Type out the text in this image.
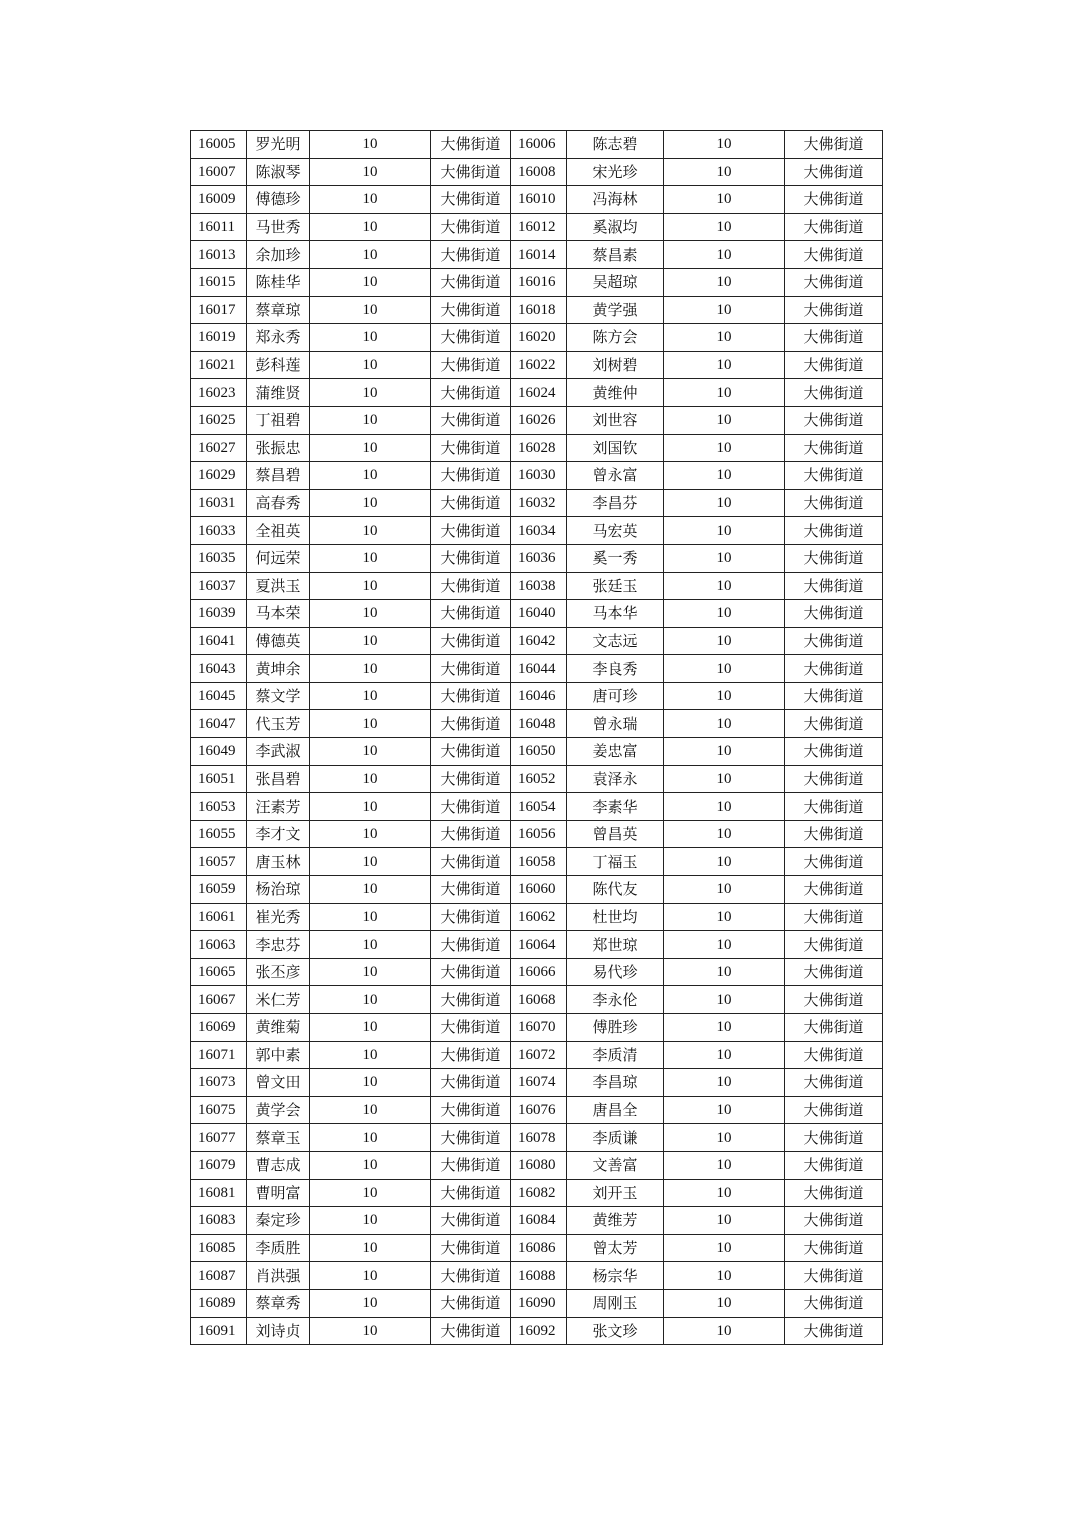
16005	罗光明	10	大佛街道	16006	陈志碧	10	大佛街道
16007	陈淑琴	10	大佛街道	16008	宋光珍	10	大佛街道
16009	傅德珍	10	大佛街道	16010	冯海林	10	大佛街道
16011	马世秀	10	大佛街道	16012	奚淑均	10	大佛街道
16013	余加珍	10	大佛街道	16014	蔡昌素	10	大佛街道
16015	陈桂华	10	大佛街道	16016	吴超琼	10	大佛街道
16017	蔡章琼	10	大佛街道	16018	黄学强	10	大佛街道
16019	郑永秀	10	大佛街道	16020	陈方会	10	大佛街道
16021	彭科莲	10	大佛街道	16022	刘树碧	10	大佛街道
16023	蒲维贤	10	大佛街道	16024	黄维仲	10	大佛街道
16025	丁祖碧	10	大佛街道	16026	刘世容	10	大佛街道
16027	张振忠	10	大佛街道	16028	刘国钦	10	大佛街道
16029	蔡昌碧	10	大佛街道	16030	曾永富	10	大佛街道
16031	高春秀	10	大佛街道	16032	李昌芬	10	大佛街道
16033	全祖英	10	大佛街道	16034	马宏英	10	大佛街道
16035	何远荣	10	大佛街道	16036	奚一秀	10	大佛街道
16037	夏洪玉	10	大佛街道	16038	张廷玉	10	大佛街道
16039	马本荣	10	大佛街道	16040	马本华	10	大佛街道
16041	傅德英	10	大佛街道	16042	文志远	10	大佛街道
16043	黄坤余	10	大佛街道	16044	李良秀	10	大佛街道
16045	蔡文学	10	大佛街道	16046	唐可珍	10	大佛街道
16047	代玉芳	10	大佛街道	16048	曾永瑞	10	大佛街道
16049	李武淑	10	大佛街道	16050	姜忠富	10	大佛街道
16051	张昌碧	10	大佛街道	16052	袁泽永	10	大佛街道
16053	汪素芳	10	大佛街道	16054	李素华	10	大佛街道
16055	李才文	10	大佛街道	16056	曾昌英	10	大佛街道
16057	唐玉林	10	大佛街道	16058	丁福玉	10	大佛街道
16059	杨治琼	10	大佛街道	16060	陈代友	10	大佛街道
16061	崔光秀	10	大佛街道	16062	杜世均	10	大佛街道
16063	李忠芬	10	大佛街道	16064	郑世琼	10	大佛街道
16065	张丕彦	10	大佛街道	16066	易代珍	10	大佛街道
16067	米仁芳	10	大佛街道	16068	李永伦	10	大佛街道
16069	黄维菊	10	大佛街道	16070	傅胜珍	10	大佛街道
16071	郭中素	10	大佛街道	16072	李质清	10	大佛街道
16073	曾文田	10	大佛街道	16074	李昌琼	10	大佛街道
16075	黄学会	10	大佛街道	16076	唐昌全	10	大佛街道
16077	蔡章玉	10	大佛街道	16078	李质谦	10	大佛街道
16079	曹志成	10	大佛街道	16080	文善富	10	大佛街道
16081	曹明富	10	大佛街道	16082	刘开玉	10	大佛街道
16083	秦定珍	10	大佛街道	16084	黄维芳	10	大佛街道
16085	李质胜	10	大佛街道	16086	曾太芳	10	大佛街道
16087	肖洪强	10	大佛街道	16088	杨宗华	10	大佛街道
16089	蔡章秀	10	大佛街道	16090	周刚玉	10	大佛街道
16091	刘诗贞	10	大佛街道	16092	张文珍	10	大佛街道
